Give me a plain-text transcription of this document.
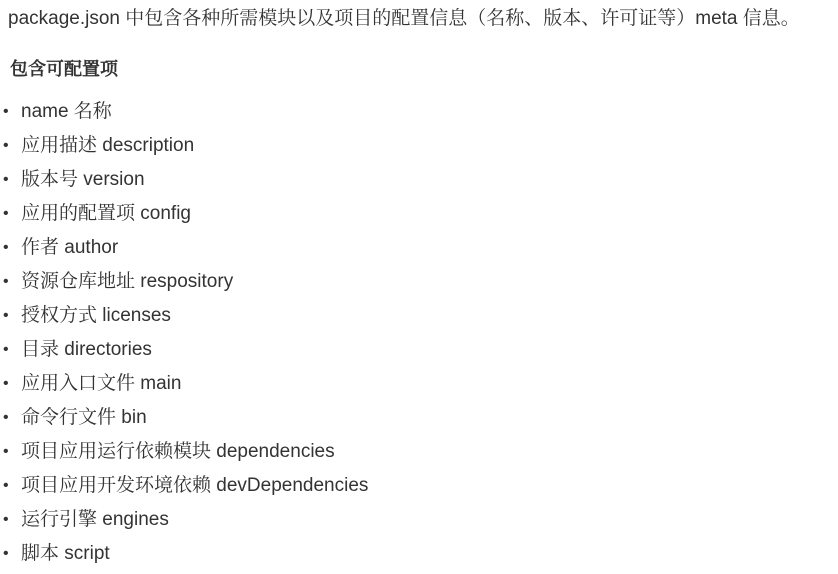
package.json 中包含各种所需模块以及项目的配置信息（名称、版本、许可证等）meta 信息。

包含可配置项
• name 名称
• 应用描述 description
• 版本号 version
• 应用的配置项 config
• 作者 author
• 资源仓库地址 respository
• 授权方式 licenses
• 目录 directories
• 应用入口文件 main
• 命令行文件 bin
• 项目应用运行依赖模块 dependencies
• 项目应用开发环境依赖 devDependencies
• 运行引擎 engines
• 脚本 script
